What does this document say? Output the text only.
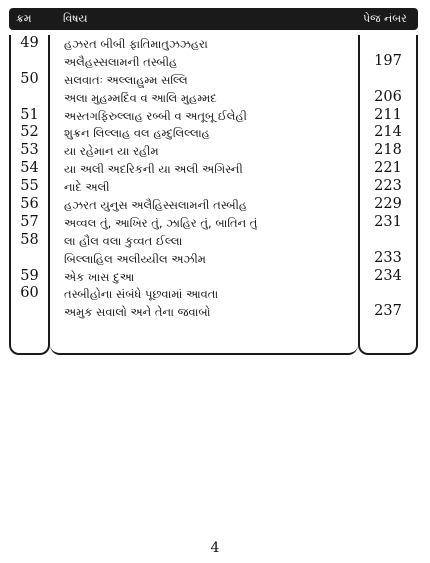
ક્રમ	વિષય	પેજ નંબર
49	હઝરત બીબી ફાતિમાતુઝઝહરા
અલૈહસ્સલામની તસ્બીહ	197
50	સલવાતઃ અલ્લાહુમ્મ સલ્લિ
અલા મુહમ્મદિંવ વ આલિ મુહમ્મદ	206
51	અસ્તગફિરુલ્લાહ રબ્બી વ અતૂબૂ ઈલેહી	211
52	શુક્રન લિલ્લાહ વલ હમ્દુલિલ્લાહ	214
53	યા રહેમાન યા રહીમ	218
54	યા અલી અદરિકની યા અલી અગિસ્ની	221
55	નાદે અલી	223
56	હઝરત યુનુસ અલૈહિસ્સલામની તસ્બીહ	229
57	અવ્વલ તું, આખિર તું, ઝાહિર તું, બાતિન તું	231
58	લા હૌલ વલા કુવ્વત ઈલ્લા
બિલ્લાહિલ અલીય્યીલ અઝીમ	233
59	એક ખાસ દુઆ	234
60	તસ્બીહોના સંબંધે પૂછવામાં આવતા
અમુક સવાલો અને તેના જવાબો	237
4
